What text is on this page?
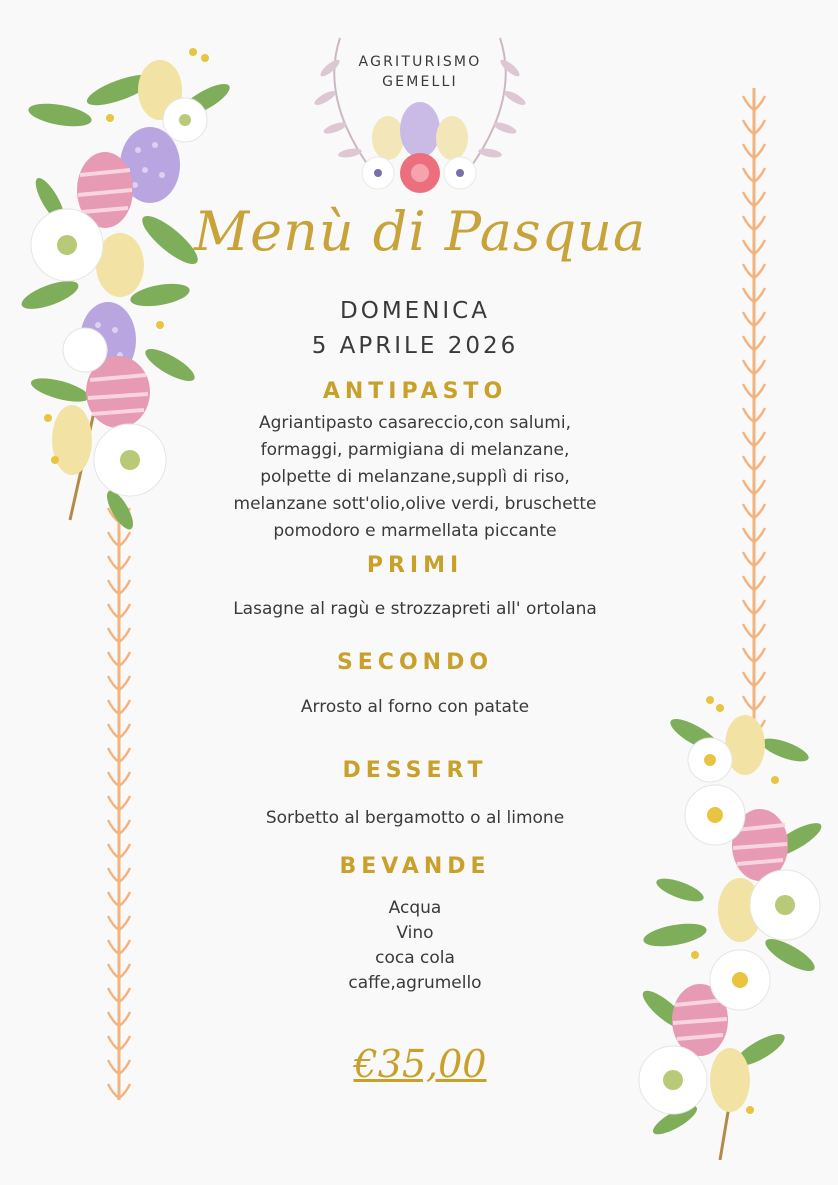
AGRITURISMO
GEMELLI
Menù di Pasqua
DOMENICA
5 APRILE 2026
ANTIPASTO
Agriantipasto casareccio,con salumi,
formaggi, parmigiana di melanzane,
polpette di melanzane,supplì di riso,
melanzane sott'olio,olive verdi, bruschette
pomodoro e marmellata piccante
PRIMI
Lasagne al ragù e strozzapreti all' ortolana
SECONDO
Arrosto al forno con patate
DESSERT
Sorbetto al bergamotto o al limone
BEVANDE
Acqua
Vino
coca cola
caffe,agrumello
€35,00
